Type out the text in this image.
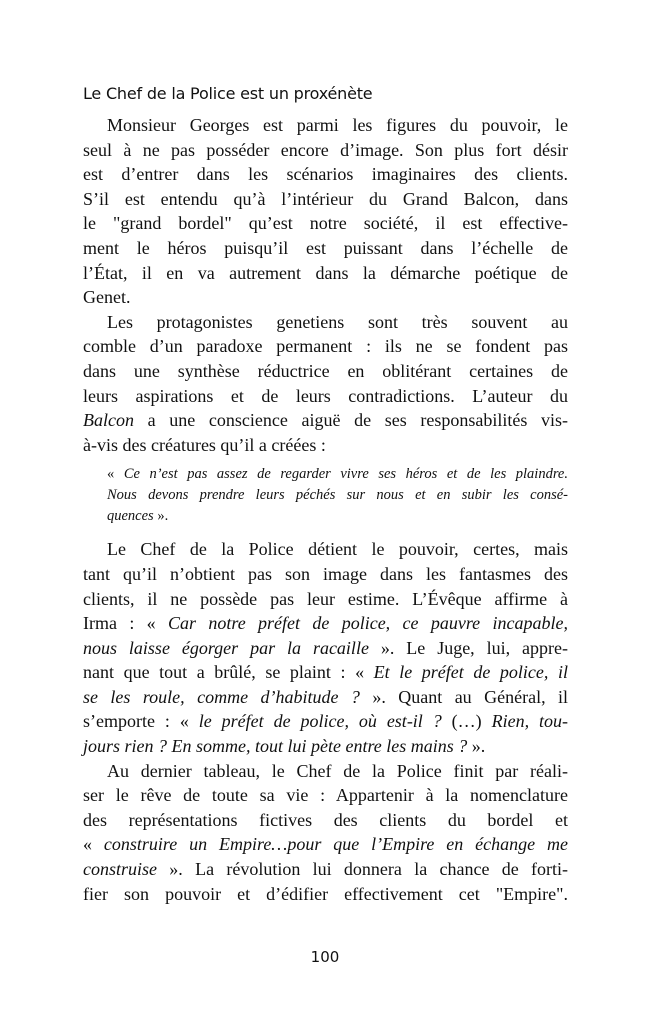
Le Chef de la Police est un proxénète
Monsieur Georges est parmi les figures du pouvoir, le
seul à ne pas posséder encore d’image. Son plus fort désir
est d’entrer dans les scénarios imaginaires des clients.
S’il est entendu qu’à l’intérieur du Grand Balcon, dans
le "grand bordel" qu’est notre société, il est effective-
ment le héros puisqu’il est puissant dans l’échelle de
l’État, il en va autrement dans la démarche poétique de
Genet.
Les protagonistes genetiens sont très souvent au
comble d’un paradoxe permanent : ils ne se fondent pas
dans une synthèse réductrice en oblitérant certaines de
leurs aspirations et de leurs contradictions. L’auteur du
Balcon a une conscience aiguë de ses responsabilités vis-
à-vis des créatures qu’il a créées :
« Ce n’est pas assez de regarder vivre ses héros et de les plaindre.
Nous devons prendre leurs péchés sur nous et en subir les consé-
quences ».
Le Chef de la Police détient le pouvoir, certes, mais
tant qu’il n’obtient pas son image dans les fantasmes des
clients, il ne possède pas leur estime. L’Évêque affirme à
Irma : « Car notre préfet de police, ce pauvre incapable,
nous laisse égorger par la racaille ». Le Juge, lui, appre-
nant que tout a brûlé, se plaint : « Et le préfet de police, il
se les roule, comme d’habitude ? ». Quant au Général, il
s’emporte : « le préfet de police, où est-il ? (…) Rien, tou-
jours rien ? En somme, tout lui pète entre les mains ? ».
Au dernier tableau, le Chef de la Police finit par réali-
ser le rêve de toute sa vie : Appartenir à la nomenclature
des représentations fictives des clients du bordel et
« construire un Empire…pour que l’Empire en échange me
construise ». La révolution lui donnera la chance de forti-
fier son pouvoir et d’édifier effectivement cet "Empire".
100
